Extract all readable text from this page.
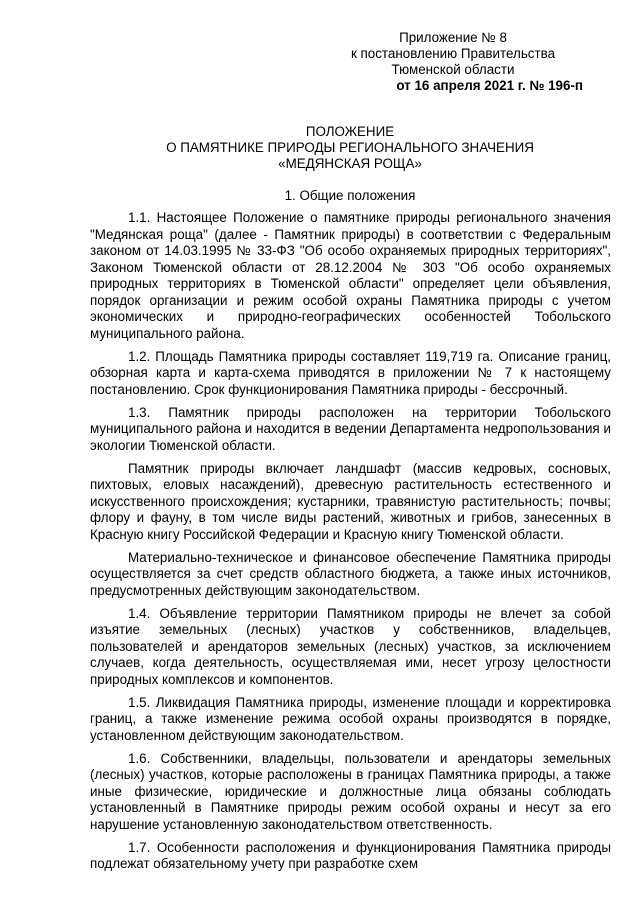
Приложение № 8
к постановлению Правительства
Тюменской области
от 16 апреля 2021 г. № 196-п
ПОЛОЖЕНИЕ
О ПАМЯТНИКЕ ПРИРОДЫ РЕГИОНАЛЬНОГО ЗНАЧЕНИЯ
«МЕДЯНСКАЯ РОЩА»
1. Общие положения

1.1. Настоящее Положение о памятнике природы регионального значения "Медянская роща" (далее - Памятник природы) в соответствии с Федеральным законом от 14.03.1995 № 33-ФЗ "Об особо охраняемых природных территориях", Законом Тюменской области от 28.12.2004 № 303 "Об особо охраняемых природных территориях в Тюменской области" определяет цели объявления, порядок организации и режим особой охраны Памятника природы с учетом экономических и природно-географических особенностей Тобольского муниципального района.

1.2. Площадь Памятника природы составляет 119,719 га. Описание границ, обзорная карта и карта-схема приводятся в приложении № 7 к настоящему постановлению. Срок функционирования Памятника природы - бессрочный.

1.3. Памятник природы расположен на территории Тобольского муниципального района и находится в ведении Департамента недропользования и экологии Тюменской области.

Памятник природы включает ландшафт (массив кедровых, сосновых, пихтовых, еловых насаждений), древесную растительность естественного и искусственного происхождения; кустарники, травянистую растительность; почвы; флору и фауну, в том числе виды растений, животных и грибов, занесенных в Красную книгу Российской Федерации и Красную книгу Тюменской области.

Материально-техническое и финансовое обеспечение Памятника природы осуществляется за счет средств областного бюджета, а также иных источников, предусмотренных действующим законодательством.

1.4. Объявление территории Памятником природы не влечет за собой изъятие земельных (лесных) участков у собственников, владельцев, пользователей и арендаторов земельных (лесных) участков, за исключением случаев, когда деятельность, осуществляемая ими, несет угрозу целостности природных комплексов и компонентов.

1.5. Ликвидация Памятника природы, изменение площади и корректировка границ, а также изменение режима особой охраны производятся в порядке, установленном действующим законодательством.

1.6. Собственники, владельцы, пользователи и арендаторы земельных (лесных) участков, которые расположены в границах Памятника природы, а также иные физические, юридические и должностные лица обязаны соблюдать установленный в Памятнике природы режим особой охраны и несут за его нарушение установленную законодательством ответственность.

1.7. Особенности расположения и функционирования Памятника природы подлежат обязательному учету при разработке схем
